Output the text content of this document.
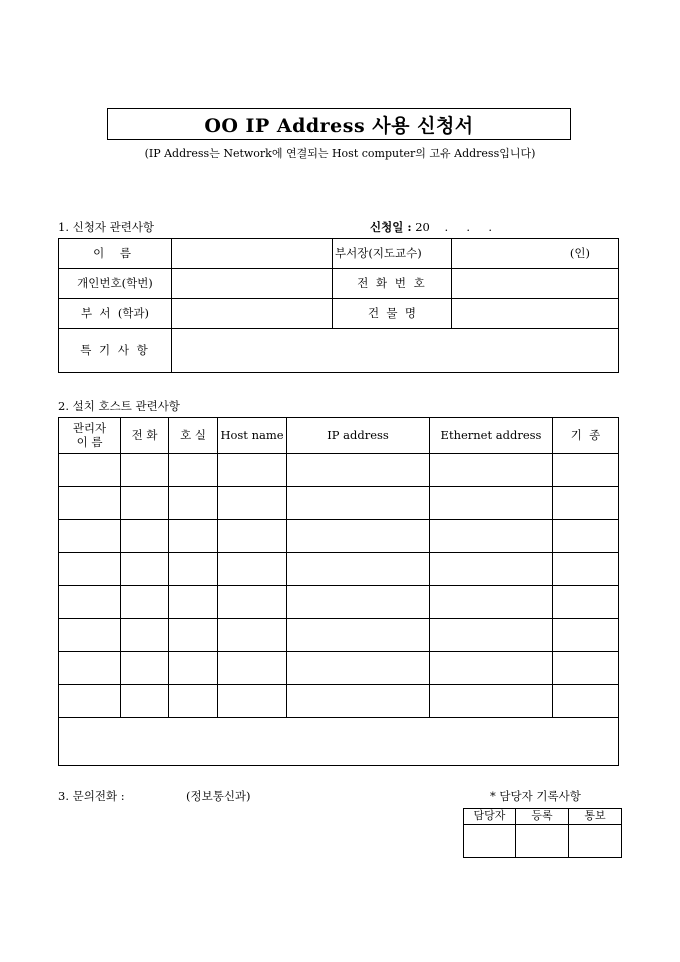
OO IP Address 사용 신청서
(IP Address는 Network에 연결되는 Host computer의 고유 Address입니다)
1. 신청자 관련사항	신청일 : 20    .     .     .
이 름		부서장(지도교수)	(인)
개인번호(학번)		전 화 번 호	
부  서  (학과)		건  물  명	
특 기 사 항			
2. 설치 호스트 관련사항
관리자
이 름	전 화	호 실	Host name	IP address	Ethernet address	기  종

3. 문의전화 :	(정보통신과)	* 담당자 기록사항
담당자	등록	통보
